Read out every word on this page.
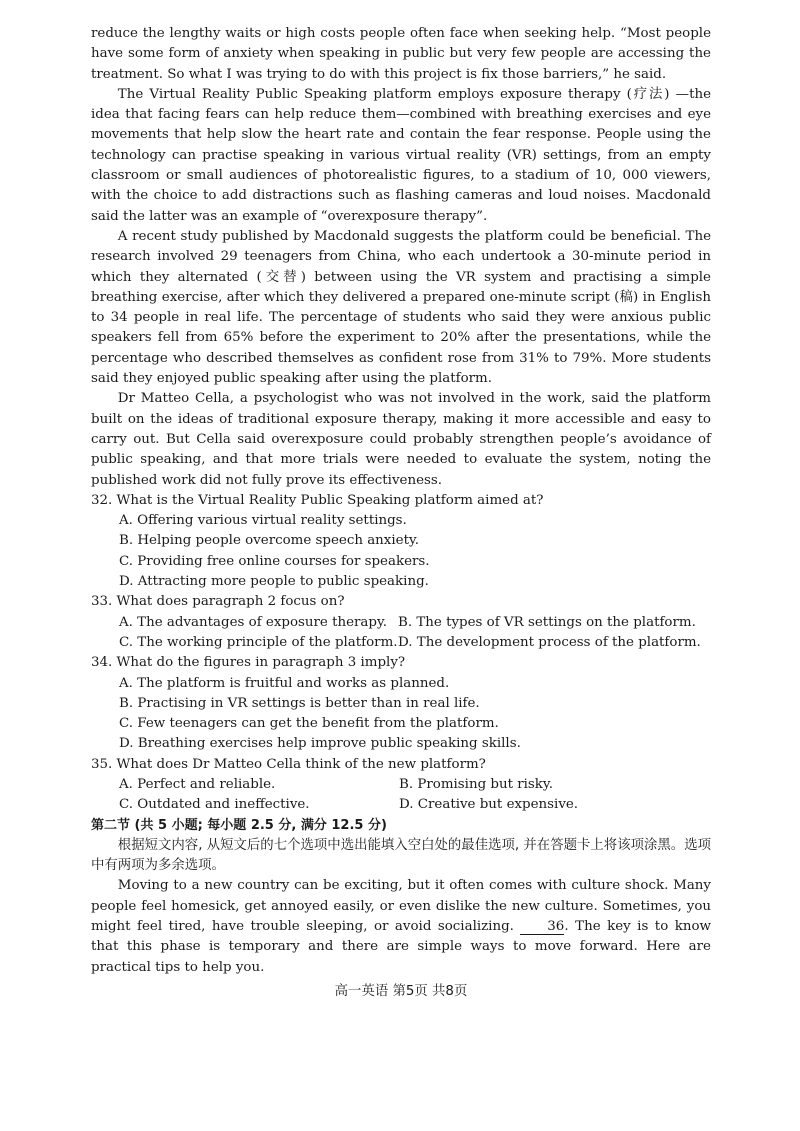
reduce the lengthy waits or high costs people often face when seeking help. “Most people have some form of anxiety when speaking in public but very few people are accessing the treatment. So what I was trying to do with this project is fix those barriers,” he said.

The Virtual Reality Public Speaking platform employs exposure therapy (疗法) —the idea that facing fears can help reduce them—combined with breathing exercises and eye movements that help slow the heart rate and contain the fear response. People using the technology can practise speaking in various virtual reality (VR) settings, from an empty classroom or small audiences of photorealistic figures, to a stadium of 10, 000 viewers, with the choice to add distractions such as flashing cameras and loud noises. Macdonald said the latter was an example of “overexposure therapy”.

A recent study published by Macdonald suggests the platform could be beneficial. The research involved 29 teenagers from China, who each undertook a 30-minute period in which they alternated (交替) between using the VR system and practising a simple breathing exercise, after which they delivered a prepared one-minute script (稿) in English to 34 people in real life. The percentage of students who said they were anxious public speakers fell from 65% before the experiment to 20% after the presentations, while the percentage who described themselves as confident rose from 31% to 79%. More students said they enjoyed public speaking after using the platform.

Dr Matteo Cella, a psychologist who was not involved in the work, said the platform built on the ideas of traditional exposure therapy, making it more accessible and easy to carry out. But Cella said overexposure could probably strengthen people’s avoidance of public speaking, and that more trials were needed to evaluate the system, noting the published work did not fully prove its effectiveness.

32. What is the Virtual Reality Public Speaking platform aimed at?

A. Offering various virtual reality settings.

B. Helping people overcome speech anxiety.

C. Providing free online courses for speakers.

D. Attracting more people to public speaking.

33. What does paragraph 2 focus on?

A. The advantages of exposure therapy. B. The types of VR settings on the platform.
C. The working principle of the platform. D. The development process of the platform.

34. What do the figures in paragraph 3 imply?

A. The platform is fruitful and works as planned.

B. Practising in VR settings is better than in real life.

C. Few teenagers can get the benefit from the platform.

D. Breathing exercises help improve public speaking skills.

35. What does Dr Matteo Cella think of the new platform?

A. Perfect and reliable.	B. Promising but risky.
C. Outdated and ineffective.	D. Creative but expensive.

第二节 (共 5 小题; 每小题 2.5 分, 满分 12.5 分)

根据短文内容, 从短文后的七个选项中选出能填入空白处的最佳选项, 并在答题卡上将该项涂黑。选项中有两项为多余选项。

Moving to a new country can be exciting, but it often comes with culture shock. Many people feel homesick, get annoyed easily, or even dislike the new culture. Sometimes, you might feel tired, have trouble sleeping, or avoid socializing. 36. The key is to know that this phase is temporary and there are simple ways to move forward. Here are practical tips to help you.

高一英语 第5页 共8页
